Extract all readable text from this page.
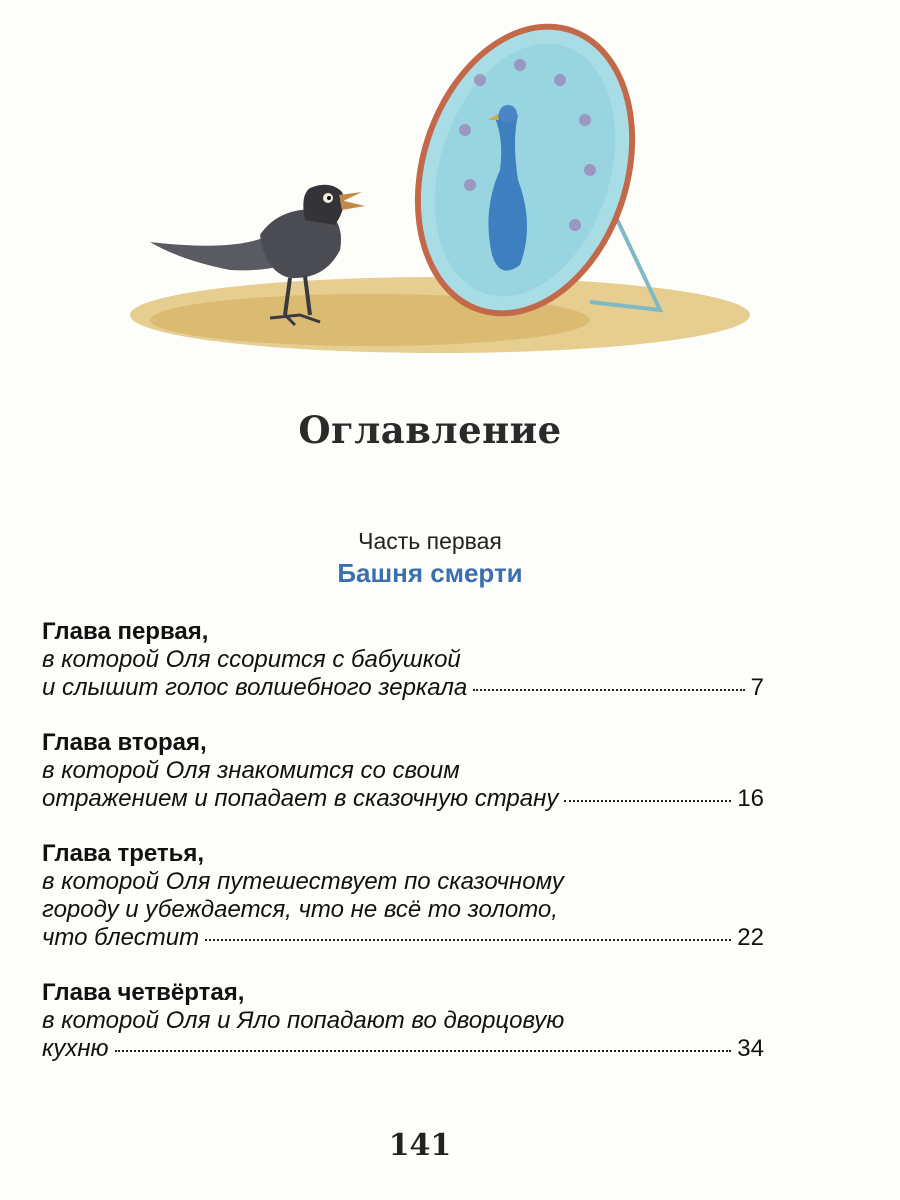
Оглавление
Часть первая
Башня смерти
Глава первая,
в которой Оля ссорится с бабушкой
и слышит голос волшебного зеркала	7
Глава вторая,
в которой Оля знакомится со своим
отражением и попадает в сказочную страну	16
Глава третья,
в которой Оля путешествует по сказочному
городу и убеждается, что не всё то золото,
что блестит	22
Глава четвёртая,
в которой Оля и Яло попадают во дворцовую
кухню	34
141
